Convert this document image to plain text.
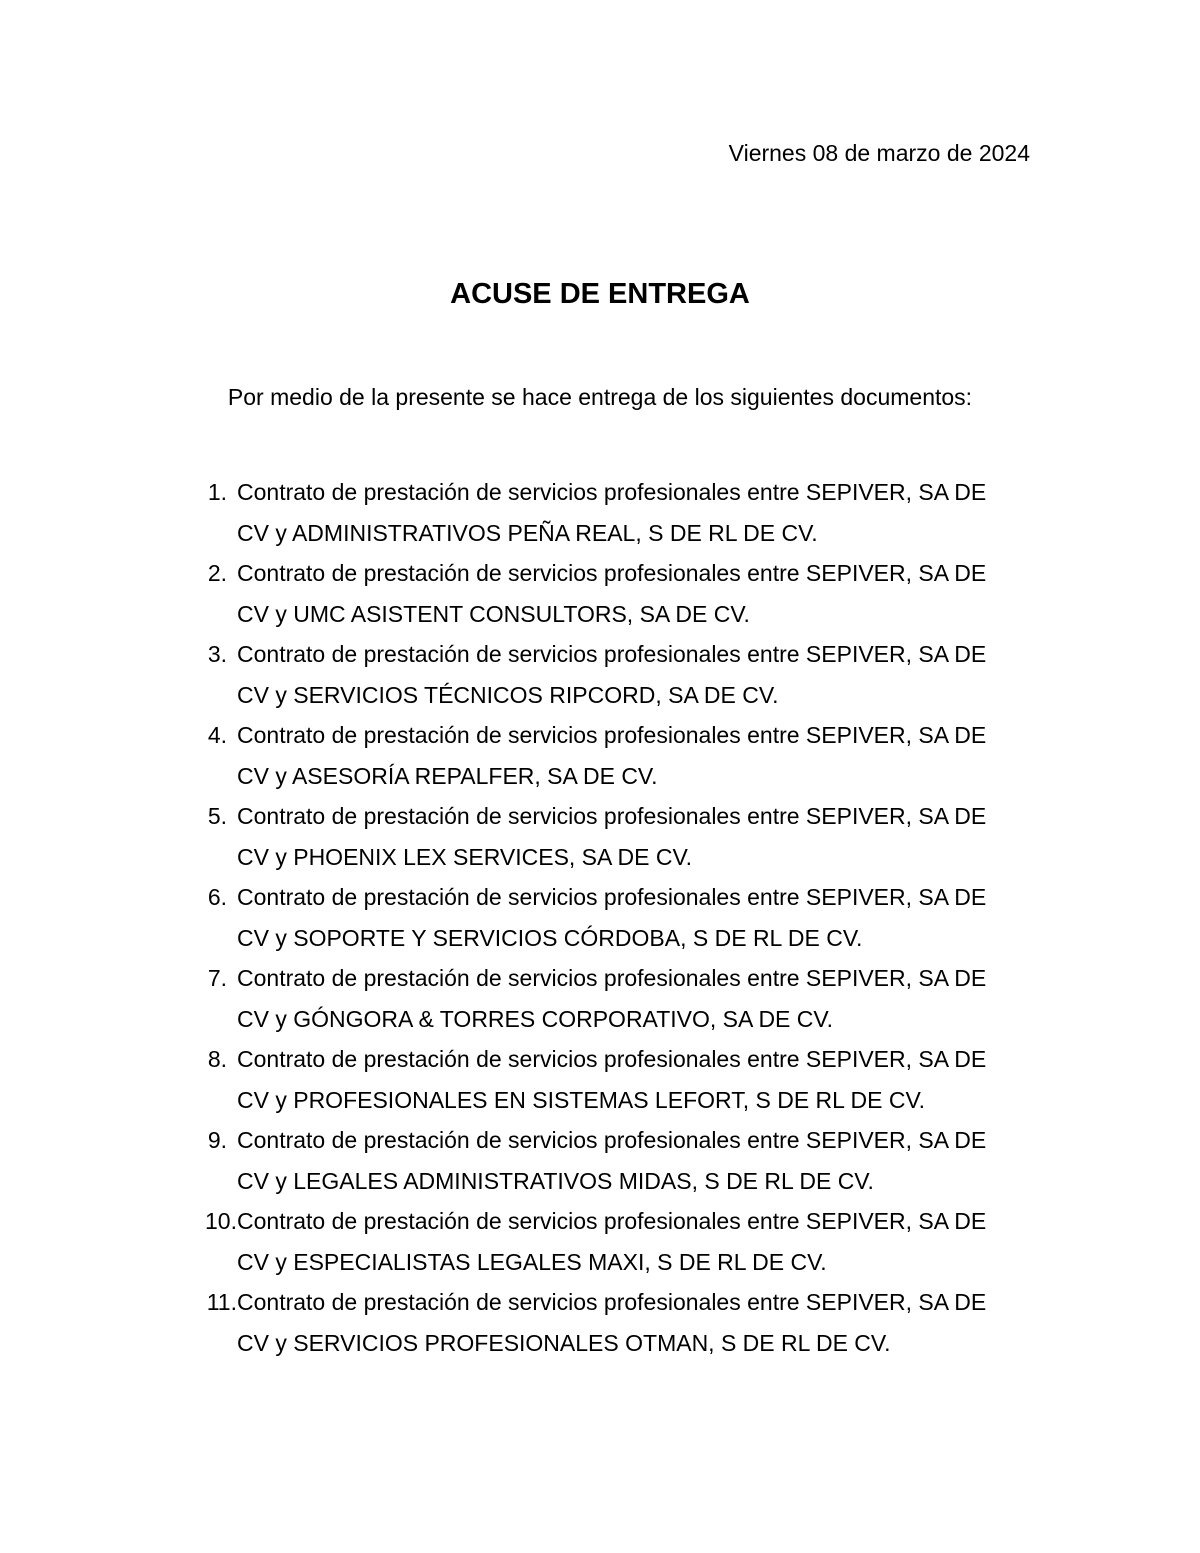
Viernes 08 de marzo de 2024
ACUSE DE ENTREGA
Por medio de la presente se hace entrega de los siguientes documentos:
1. Contrato de prestación de servicios profesionales entre SEPIVER, SA DE
CV y ADMINISTRATIVOS PEÑA REAL, S DE RL DE CV.
2. Contrato de prestación de servicios profesionales entre SEPIVER, SA DE
CV y UMC ASISTENT CONSULTORS, SA DE CV.
3. Contrato de prestación de servicios profesionales entre SEPIVER, SA DE
CV y SERVICIOS TÉCNICOS RIPCORD, SA DE CV.
4. Contrato de prestación de servicios profesionales entre SEPIVER, SA DE
CV y ASESORÍA REPALFER, SA DE CV.
5. Contrato de prestación de servicios profesionales entre SEPIVER, SA DE
CV y PHOENIX LEX SERVICES, SA DE CV.
6. Contrato de prestación de servicios profesionales entre SEPIVER, SA DE
CV y SOPORTE Y SERVICIOS CÓRDOBA, S DE RL DE CV.
7. Contrato de prestación de servicios profesionales entre SEPIVER, SA DE
CV y GÓNGORA & TORRES CORPORATIVO, SA DE CV.
8. Contrato de prestación de servicios profesionales entre SEPIVER, SA DE
CV y PROFESIONALES EN SISTEMAS LEFORT, S DE RL DE CV.
9. Contrato de prestación de servicios profesionales entre SEPIVER, SA DE
CV y LEGALES ADMINISTRATIVOS MIDAS, S DE RL DE CV.
10. Contrato de prestación de servicios profesionales entre SEPIVER, SA DE
CV y ESPECIALISTAS LEGALES MAXI, S DE RL DE CV.
11. Contrato de prestación de servicios profesionales entre SEPIVER, SA DE
CV y SERVICIOS PROFESIONALES OTMAN, S DE RL DE CV.
